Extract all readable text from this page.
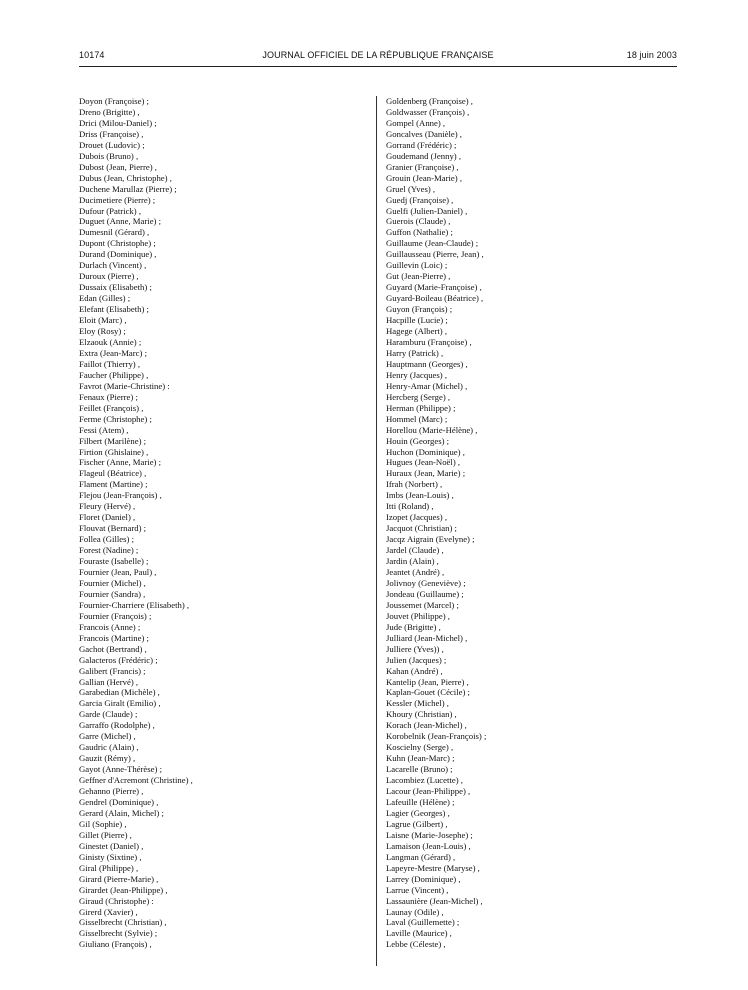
10174	JOURNAL OFFICIEL DE LA RÉPUBLIQUE FRANÇAISE	18 juin 2003
Doyon (Françoise) ;
Dreno (Brigitte) ,
Drici (Milou-Daniel) ;
Driss (Françoise) ,
Drouet (Ludovic) ;
Dubois (Bruno) ,
Dubost (Jean, Pierre) ,
Dubus (Jean, Christophe) ,
Duchene Marullaz (Pierre) ;
Ducimetiere (Pierre) ;
Dufour (Patrick) ,
Duguet (Anne, Marie) ;
Dumesnil (Gérard) ,
Dupont (Christophe) ;
Durand (Dominique) ,
Durlach (Vincent) ,
Duroux (Pierre) ,
Dussaix (Elisabeth) ;
Edan (Gilles) ;
Elefant (Elisabeth) ;
Eloit (Marc) ,
Eloy (Rosy) ;
Elzaouk (Annie) ;
Extra (Jean-Marc) ;
Faillot (Thierry) ,
Faucher (Philippe) ,
Favrot (Marie-Christine) :
Fenaux (Pierre) ;
Feillet (François) ,
Ferme (Christophe) ;
Fessi (Atem) ,
Filbert (Marilène) ;
Firtion (Ghislaine) ,
Fischer (Anne, Marie) ;
Flageul (Béatrice) ,
Flament (Martine) ;
Flejou (Jean-François) ,
Fleury (Hervé) ,
Floret (Daniel) ,
Flouvat (Bernard) ;
Follea (Gilles) ;
Forest (Nadine) ;
Fouraste (Isabelle) ;
Fournier (Jean, Paul) ,
Fournier (Michel) ,
Fournier (Sandra) ,
Fournier-Charriere (Elisabeth) ,
Fournier (François) ;
Francois (Anne) ;
Francois (Martine) ;
Gachot (Bertrand) ,
Galacteros (Frédéric) ;
Galibert (Francis) ;
Gallian (Hervé) ,
Garabedian (Michèle) ,
Garcia Giralt (Emilio) ,
Garde (Claude) ;
Garraffo (Rodolphe) ,
Garre (Michel) ,
Gaudric (Alain) ,
Gauzit (Rémy) ,
Gayot (Anne-Thérèse) ;
Geffner d'Acremont (Christine) ,
Gehanno (Pierre) ,
Gendrel (Dominique) ,
Gerard (Alain, Michel) ;
Gil (Sophie) ,
Gillet (Pierre) ,
Ginestet (Daniel) ,
Ginisty (Sixtine) ,
Giral (Philippe) ,
Girard (Pierre-Marie) ,
Girardet (Jean-Philippe) ,
Giraud (Christophe) :
Girerd (Xavier) ,
Gisselbrecht (Christian) ,
Gisselbrecht (Sylvie) ;
Giuliano (François) ,
Goldenberg (Françoise) ,
Goldwasser (François) ,
Gompel (Anne) ,
Goncalves (Danièle) ,
Gorrand (Frédéric) ;
Goudemand (Jenny) ,
Granier (Françoise) ,
Grouin (Jean-Marie) ,
Gruel (Yves) ,
Guedj (Françoise) ,
Guelfi (Julien-Daniel) ,
Guerois (Claude) ,
Guffon (Nathalie) ;
Guillaume (Jean-Claude) ;
Guillausseau (Pierre, Jean) ,
Guillevin (Loic) ;
Gut (Jean-Pierre) ,
Guyard (Marie-Françoise) ,
Guyard-Boileau (Béatrice) ,
Guyon (François) ;
Hacpille (Lucie) ;
Hagege (Albert) ,
Haramburu (Françoise) ,
Harry (Patrick) ,
Hauptmann (Georges) ,
Henry (Jacques) ,
Henry-Amar (Michel) ,
Hercberg (Serge) ,
Herman (Philippe) ;
Hommel (Marc) ;
Horellou (Marie-Hélène) ,
Houin (Georges) ;
Huchon (Dominique) ,
Hugues (Jean-Noël) ,
Huraux (Jean, Marie) ;
Ifrah (Norbert) ,
Imbs (Jean-Louis) ,
Itti (Roland) ,
Izopet (Jacques) ,
Jacquot (Christian) ;
Jacqz Aigrain (Evelyne) ;
Jardel (Claude) ,
Jardin (Alain) ,
Jeantet (André) ,
Jolivnoy (Geneviève) ;
Jondeau (Guillaume) ;
Joussemet (Marcel) ;
Jouvet (Philippe) ,
Jude (Brigitte) ,
Julliard (Jean-Michel) ,
Julliere (Yves)) ,
Julien (Jacques) ;
Kahan (André) ,
Kantelip (Jean, Pierre) ,
Kaplan-Gouet (Cécile) ;
Kessler (Michel) ,
Khoury (Christian) ,
Korach (Jean-Michel) ,
Korobelnik (Jean-François) ;
Koscielny (Serge) ,
Kuhn (Jean-Marc) ;
Lacarelle (Bruno) ;
Lacombiez (Lucette) ,
Lacour (Jean-Philippe) ,
Lafeuille (Hélène) ;
Lagier (Georges) ,
Lagrue (Gilbert) ,
Laisne (Marie-Josephe) ;
Lamaison (Jean-Louis) ,
Langman (Gérard) ,
Lapeyre-Mestre (Maryse) ,
Larrey (Dominique) ,
Larrue (Vincent) ,
Lassaunière (Jean-Michel) ,
Launay (Odile) ,
Laval (Guillemette) ;
Laville (Maurice) ,
Lebbe (Céleste) ,
